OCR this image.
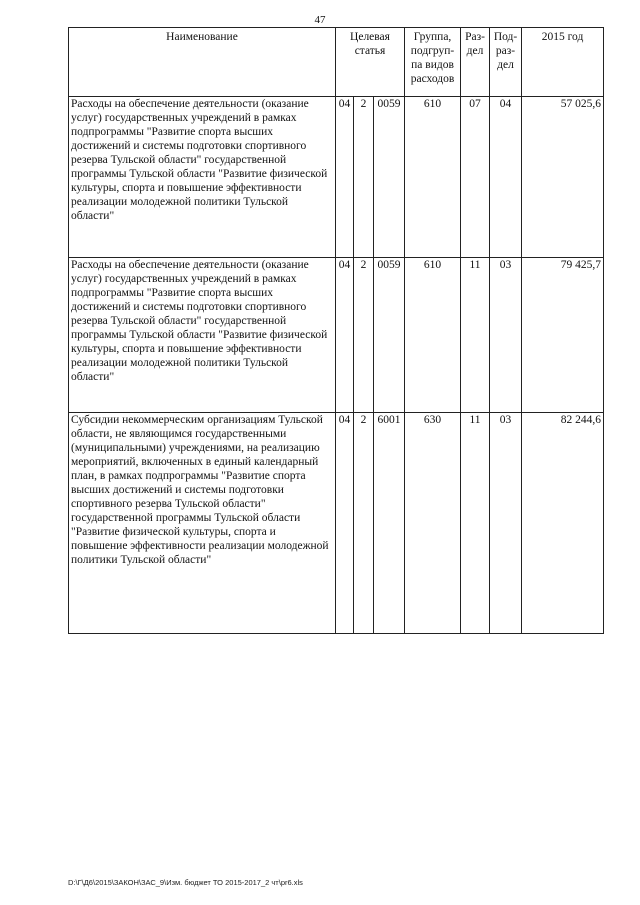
47
Наименование	Целевая статья			Группа, подгруп-па видов расходов	Раз-дел	Под-раз-дел	2015 год
Расходы на обеспечение деятельности (оказание услуг) государственных учреждений в рамках подпрограммы "Развитие спорта высших достижений и системы подготовки спортивного резерва Тульской области" государственной программы Тульской области "Развитие физической культуры, спорта и повышение эффективности реализации молодежной политики Тульской области"	04	2	0059	610	07	04	57 025,6
Расходы на обеспечение деятельности (оказание услуг) государственных учреждений в рамках подпрограммы "Развитие спорта высших достижений и системы подготовки спортивного резерва Тульской области" государственной программы Тульской области "Развитие физической культуры, спорта и повышение эффективности реализации молодежной политики Тульской области"	04	2	0059	610	11	03	79 425,7
Субсидии некоммерческим организациям Тульской области, не являющимся государственными (муниципальными) учреждениями, на реализацию мероприятий, включенных в единый календарный план, в рамках подпрограммы "Развитие спорта высших достижений и системы подготовки спортивного резерва Тульской области" государственной программы Тульской области "Развитие физической культуры, спорта и повышение эффективности реализации молодежной политики Тульской области"	04	2	6001	630	11	03	82 244,6
D:\Г\Д6\2015\ЗАКОН\ЗАС_9\Изм. бюджет ТО 2015-2017_2 чт\pr6.xls
